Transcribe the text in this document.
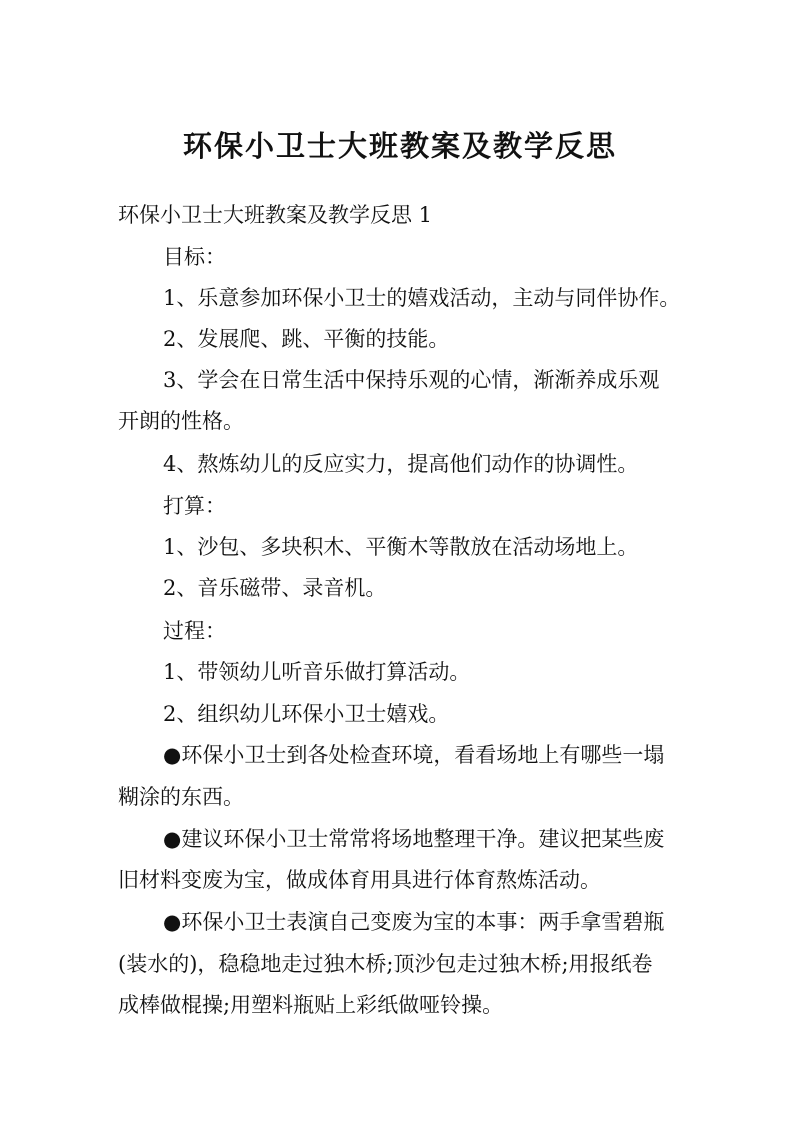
环保小卫士大班教案及教学反思
环保小卫士大班教案及教学反思 1
目标：
1、乐意参加环保小卫士的嬉戏活动，主动与同伴协作。
2、发展爬、跳、平衡的技能。
3、学会在日常生活中保持乐观的心情，渐渐养成乐观
开朗的性格。
4、熬炼幼儿的反应实力，提高他们动作的协调性。
打算：
1、沙包、多块积木、平衡木等散放在活动场地上。
2、音乐磁带、录音机。
过程：
1、带领幼儿听音乐做打算活动。
2、组织幼儿环保小卫士嬉戏。
●环保小卫士到各处检查环境，看看场地上有哪些一塌
糊涂的东西。
●建议环保小卫士常常将场地整理干净。建议把某些废
旧材料变废为宝，做成体育用具进行体育熬炼活动。
●环保小卫士表演自己变废为宝的本事：两手拿雪碧瓶
(装水的)，稳稳地走过独木桥;顶沙包走过独木桥;用报纸卷
成棒做棍操;用塑料瓶贴上彩纸做哑铃操。
